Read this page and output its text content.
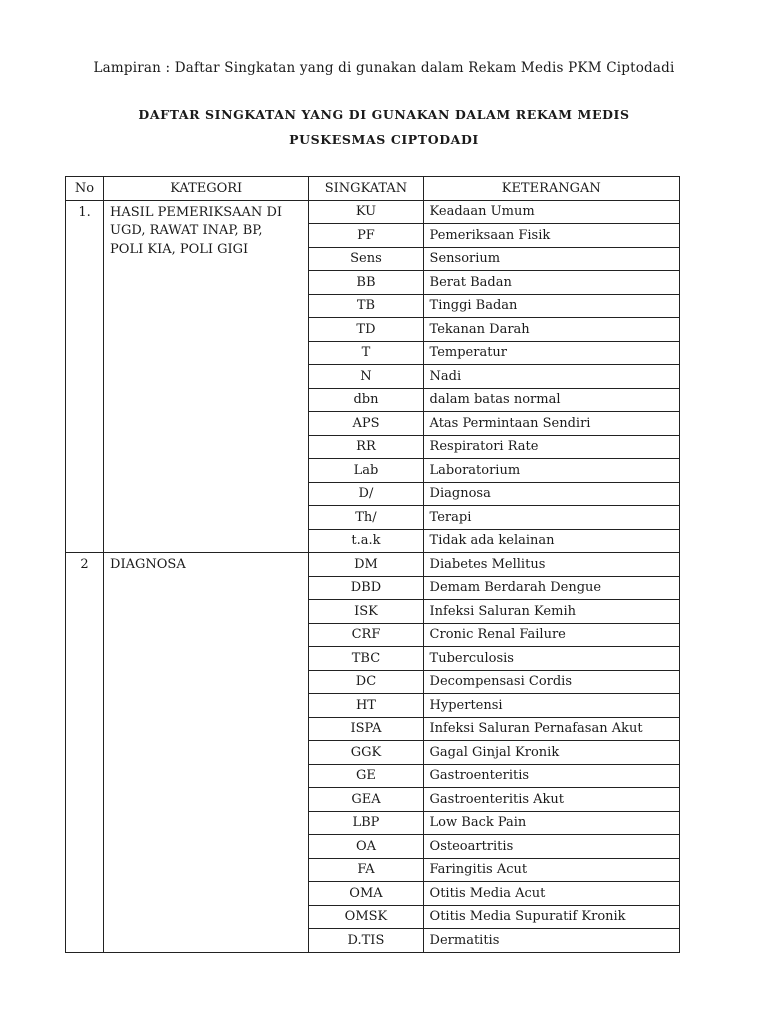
Lampiran : Daftar Singkatan yang di gunakan dalam Rekam Medis PKM Ciptodadi
DAFTAR SINGKATAN YANG DI GUNAKAN DALAM REKAM MEDIS
PUSKESMAS CIPTODADI
No	KATEGORI	SINGKATAN	KETERANGAN
1.	HASIL PEMERIKSAAN DI
UGD, RAWAT INAP, BP,
POLI KIA, POLI GIGI	KU	Keadaan Umum
		PF	Pemeriksaan Fisik
		Sens	Sensorium
		BB	Berat Badan
		TB	Tinggi Badan
		TD	Tekanan Darah
		T	Temperatur
		N	Nadi
		dbn	dalam batas normal
		APS	Atas Permintaan Sendiri
		RR	Respiratori Rate
		Lab	Laboratorium
		D/	Diagnosa
		Th/	Terapi
		t.a.k	Tidak ada kelainan
2	DIAGNOSA	DM	Diabetes Mellitus
		DBD	Demam Berdarah Dengue
		ISK	Infeksi Saluran Kemih
		CRF	Cronic Renal Failure
		TBC	Tuberculosis
		DC	Decompensasi Cordis
		HT	Hypertensi
		ISPA	Infeksi Saluran Pernafasan Akut
		GGK	Gagal Ginjal Kronik
		GE	Gastroenteritis
		GEA	Gastroenteritis Akut
		LBP	Low Back Pain
		OA	Osteoartritis
		FA	Faringitis Acut
		OMA	Otitis Media Acut
		OMSK	Otitis Media Supuratif Kronik
		D.TIS	Dermatitis
